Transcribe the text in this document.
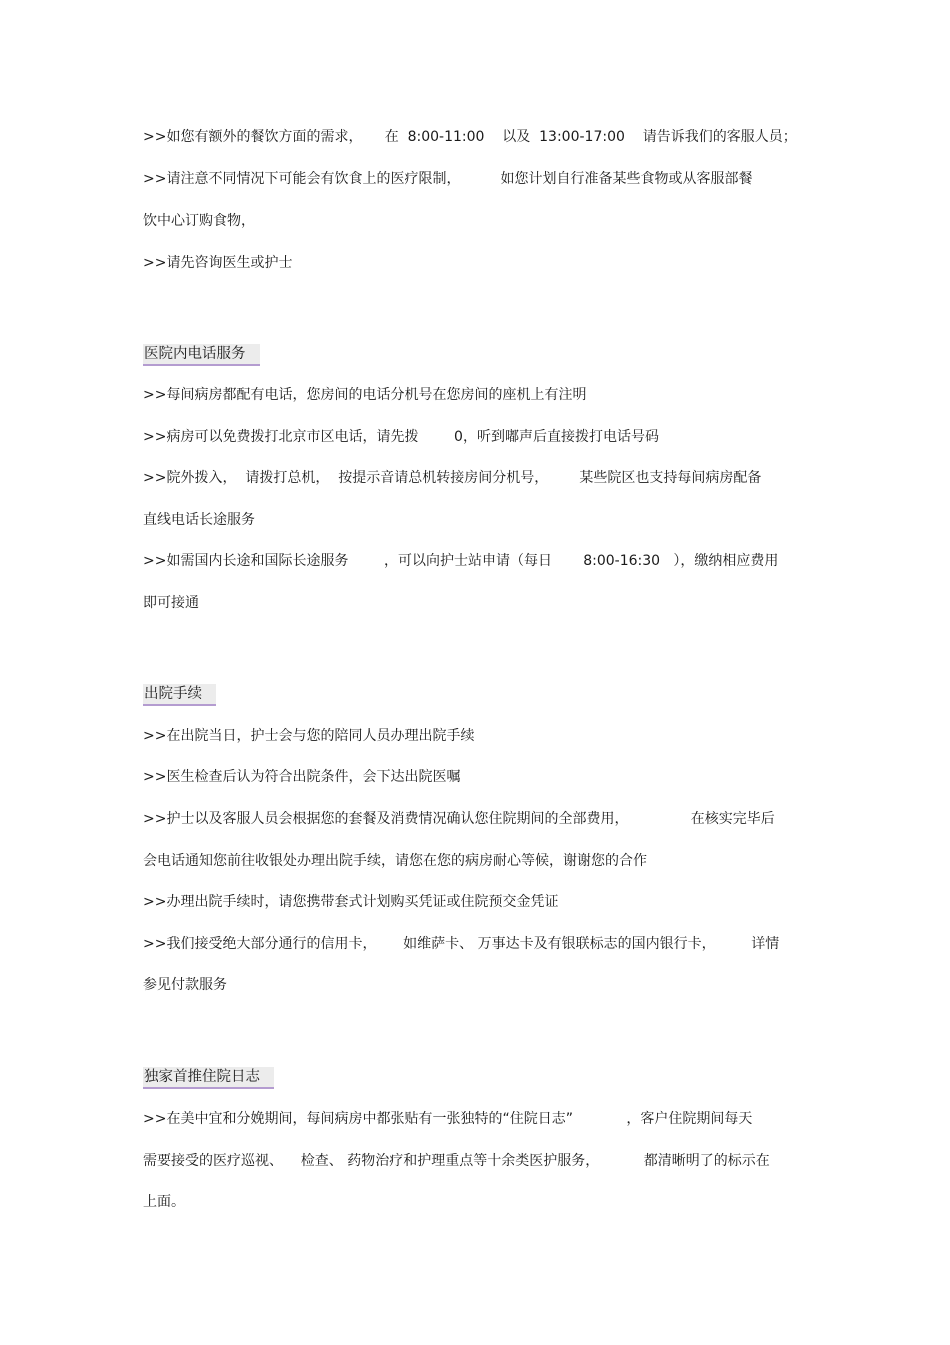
>>如您有额外的餐饮方面的需求，     在  8:00-11:00    以及  13:00-17:00    请告诉我们的客服人员；
>>请注意不同情况下可能会有饮食上的医疗限制，         如您计划自行准备某些食物或从客服部餐
饮中心订购食物，
>>请先咨询医生或护士
医院内电话服务
>>每间病房都配有电话，您房间的电话分机号在您房间的座机上有注明
>>病房可以免费拨打北京市区电话，请先拨        0，听到嘟声后直接拨打电话号码
>>院外拨入，  请拨打总机，  按提示音请总机转接房间分机号，       某些院区也支持每间病房配备
直线电话长途服务
>>如需国内长途和国际长途服务        ，可以向护士站申请（每日       8:00-16:30   ），缴纳相应费用
即可接通
出院手续
>>在出院当日，护士会与您的陪同人员办理出院手续
>>医生检查后认为符合出院条件，会下达出院医嘱
>>护士以及客服人员会根据您的套餐及消费情况确认您住院期间的全部费用，              在核实完毕后
会电话通知您前往收银处办理出院手续，请您在您的病房耐心等候，谢谢您的合作
>>办理出院手续时，请您携带套式计划购买凭证或住院预交金凭证
>>我们接受绝大部分通行的信用卡，      如维萨卡、 万事达卡及有银联标志的国内银行卡，        详情
参见付款服务
独家首推住院日志
>>在美中宜和分娩期间，每间病房中都张贴有一张独特的“住院日志”            ，客户住院期间每天
需要接受的医疗巡视、    检查、 药物治疗和护理重点等十余类医护服务，          都清晰明了的标示在
上面。
